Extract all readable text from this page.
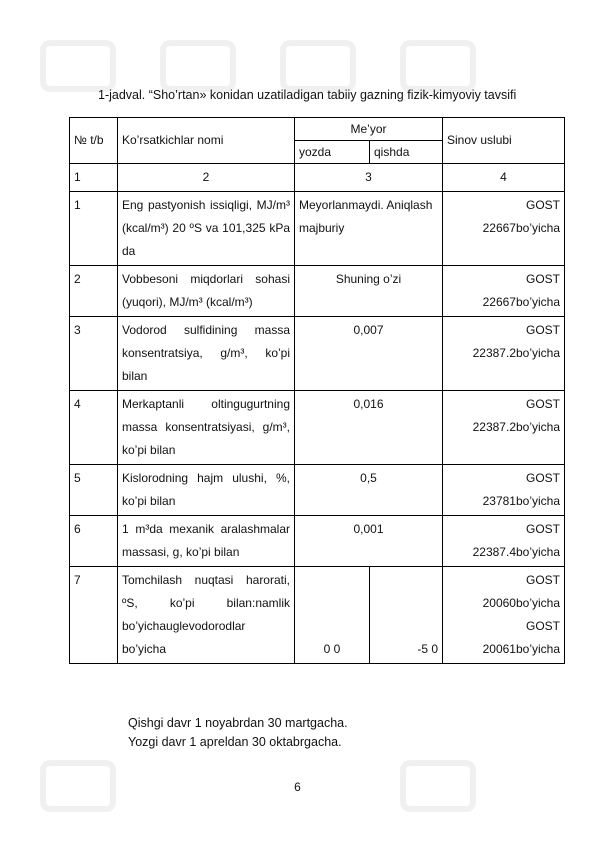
1-jadval. “Sho’rtan» konidan uzatiladigan tabiiy gazning fizik-kimyoviy tavsifi
№ t/b	Ko’rsatkichlar nomi	Me’yor		Sinov uslubi
		yozda	qishda	
1	2	3		4
1	Eng pastyonish issiqligi, MJ/m³ (kcal/m³) 20 ºS va 101,325 kPa da	Meyorlanmaydi. Aniqlash majburiy		GOST 22667bo’yicha
2	Vobbesoni miqdorlari sohasi (yuqori), MJ/m³ (kcal/m³)	Shuning o’zi		GOST 22667bo’yicha
3	Vodorod sulfidining massa konsentratsiya, g/m³, ko’pi bilan	0,007		GOST 22387.2bo’yicha
4	Merkaptanli oltingugurtning massa konsentratsiyasi, g/m³, ko’pi bilan	0,016		GOST 22387.2bo’yicha
5	Kislorodning hajm ulushi, %, ko’pi bilan	0,5		GOST 23781bo’yicha
6	1 m³da mexanik aralashmalar massasi, g, ko’pi bilan	0,001		GOST 22387.4bo’yicha
7	Tomchilash nuqtasi harorati, ºS, ko’pi bilan:namlik bo’yichauglevodorodlar bo’yicha	0 0	-5 0	GOST 20060bo’yicha GOST 20061bo’yicha
Qishgi davr 1 noyabrdan 30 martgacha.
Yozgi davr 1 apreldan 30 oktabrgacha.
6
